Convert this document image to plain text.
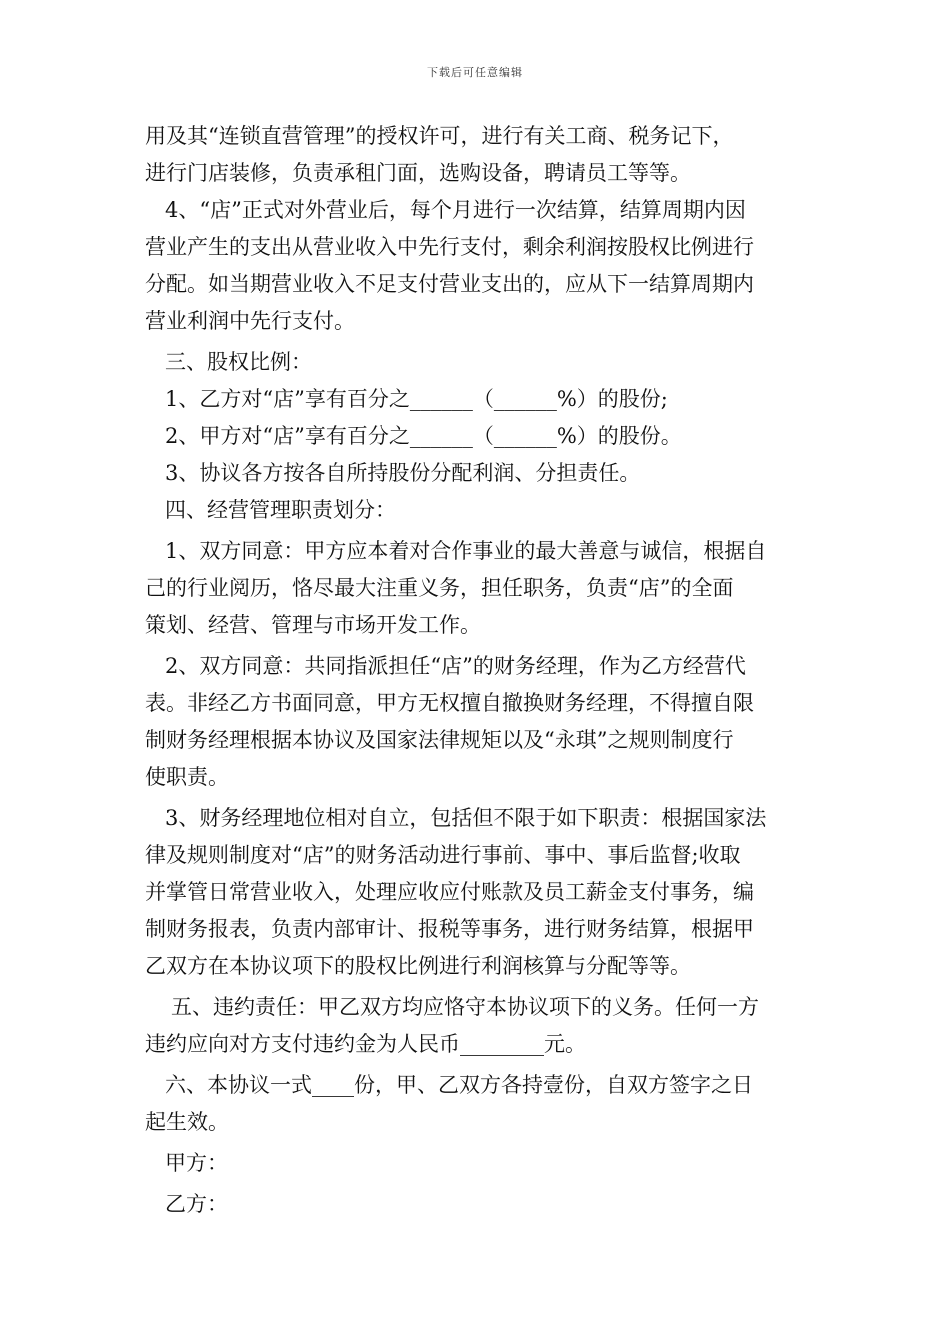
下载后可任意编辑
用及其“连锁直营管理”的授权许可，进行有关工商、税务记下，
进行门店装修，负责承租门面，选购设备，聘请员工等等。
4、“店”正式对外营业后，每个月进行一次结算，结算周期内因
营业产生的支出从营业收入中先行支付，剩余利润按股权比例进行
分配。如当期营业收入不足支付营业支出的，应从下一结算周期内
营业利润中先行支付。
三、股权比例：
1、乙方对“店”享有百分之______（______%）的股份;
2、甲方对“店”享有百分之______（______%）的股份。
3、协议各方按各自所持股份分配利润、分担责任。
四、经营管理职责划分：
1、双方同意：甲方应本着对合作事业的最大善意与诚信，根据自
己的行业阅历，恪尽最大注重义务，担任职务，负责“店”的全面
策划、经营、管理与市场开发工作。
2、双方同意：共同指派担任“店”的财务经理，作为乙方经营代
表。非经乙方书面同意，甲方无权擅自撤换财务经理，不得擅自限
制财务经理根据本协议及国家法律规矩以及“永琪”之规则制度行
使职责。
3、财务经理地位相对自立，包括但不限于如下职责：根据国家法
律及规则制度对“店”的财务活动进行事前、事中、事后监督;收取
并掌管日常营业收入，处理应收应付账款及员工薪金支付事务，编
制财务报表，负责内部审计、报税等事务，进行财务结算，根据甲
乙双方在本协议项下的股权比例进行利润核算与分配等等。
五、违约责任：甲乙双方均应恪守本协议项下的义务。任何一方
违约应向对方支付违约金为人民币________元。
六、本协议一式____份，甲、乙双方各持壹份，自双方签字之日
起生效。
甲方：
乙方：
